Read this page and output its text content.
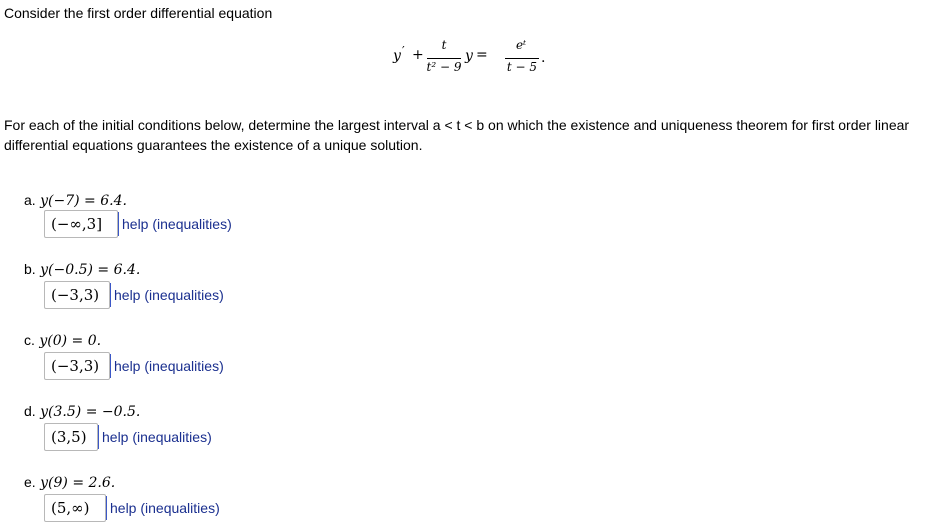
Consider the first order differential equation
y ′ +
t
t² − 9
y =
eᵗ
t − 5
.
For each of the initial conditions below, determine the largest interval a < t < b on which the existence and uniqueness theorem for first order linear differential equations guarantees the existence of a unique solution.
a. y(−7) = 6.4.
(−∞,3]	help (inequalities)
b. y(−0.5) = 6.4.
(−3,3)	help (inequalities)
c. y(0) = 0.
(−3,3)	help (inequalities)
d. y(3.5) = −0.5.
(3,5)	help (inequalities)
e. y(9) = 2.6.
(5,∞)	help (inequalities)
